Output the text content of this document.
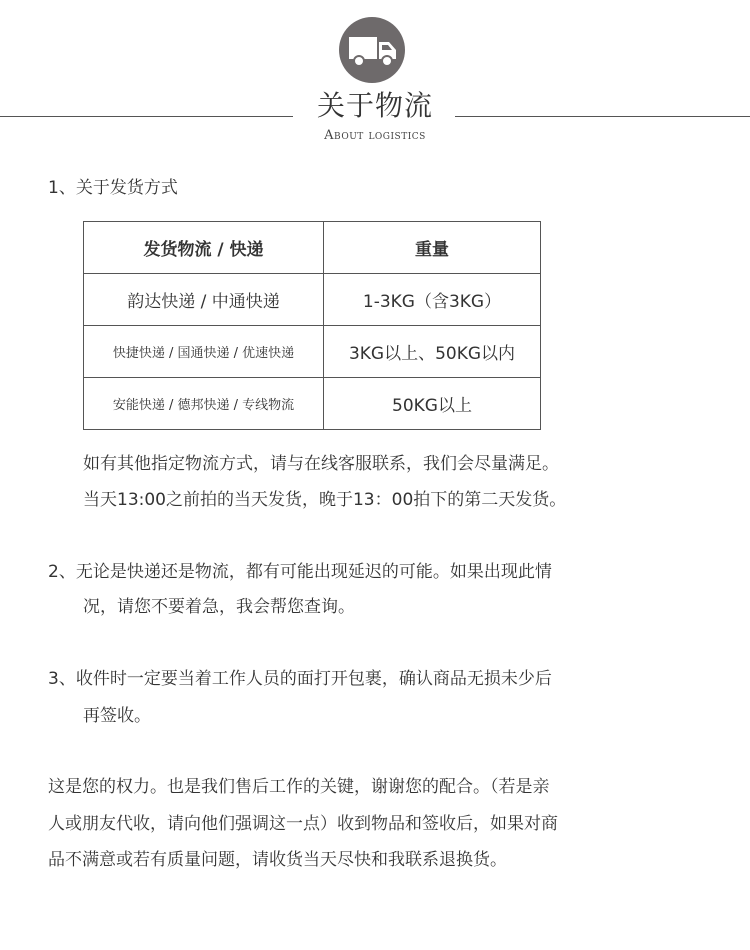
关于物流
About logistics
1、关于发货方式
发货物流 / 快递	重量
韵达快递 / 中通快递	1-3KG（含3KG）
快捷快递 / 国通快递 / 优速快递	3KG以上、50KG以内
安能快递 / 德邦快递 / 专线物流	50KG以上
如有其他指定物流方式，请与在线客服联系，我们会尽量满足。
当天13:00之前拍的当天发货，晚于13：00拍下的第二天发货。
2、无论是快递还是物流，都有可能出现延迟的可能。如果出现此情
况，请您不要着急，我会帮您查询。
3、收件时一定要当着工作人员的面打开包裹，确认商品无损未少后
再签收。
这是您的权力。也是我们售后工作的关键，谢谢您的配合。（若是亲
人或朋友代收，请向他们强调这一点）收到物品和签收后，如果对商
品不满意或若有质量问题，请收货当天尽快和我联系退换货。
